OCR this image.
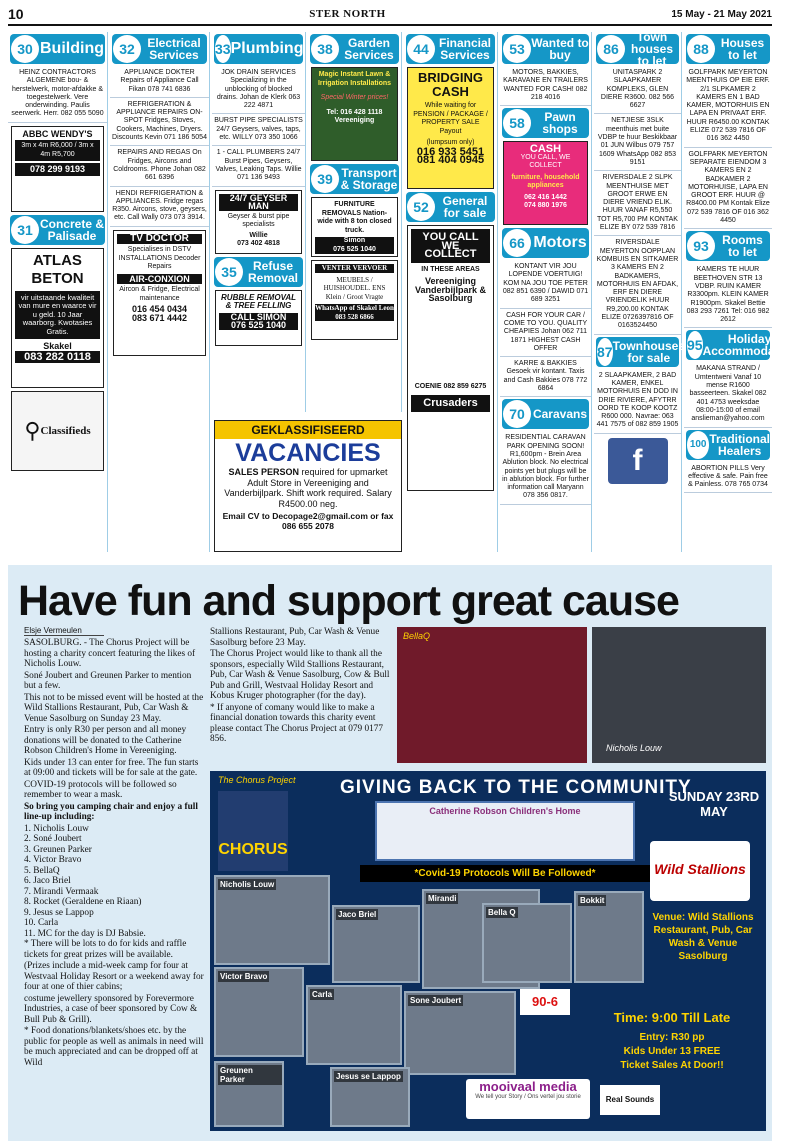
10	STER NORTH	15 May - 21 May 2021
30 Building
HEINZ CONTRACTORS ALGEMENE bou- & herstelwerk, motor-afdakke & toegestelwerk. Vere onderwinding. Paulis seerwerk. Herr. 082 055 5090
ABBC WENDY'S
3m x 4m R6,000 / 3m x 4m R5,700
078 299 9193
31 Concrete & Palisade
ATLAS BETON
vir uitstaande kwaliteit van mure en waarce vir u geld. 10 Jaar waarborg. Kwotasies Gratis.
Skakel
083 282 0118
⚲ Classifieds
32	Electrical Services
APPLIANCE DOKTER Repairs of Appliance Call Fikan 078 741 6836
REFRIGERATION & APPLIANCE REPAIRS ON-SPOT Fridges, Stoves, Cookers, Machines, Dryers. Discounts Kevin 071 186 5054
REPAIRS AND REGAS On Fridges, Aircons and Coldrooms. Phone Johan 082 661 6396
HENDI REFRIGERATION & APPLIANCES. Fridge regas R350. Aircons, stove, geysers, etc. Call Wally 073 073 3914.
TV DOCTOR
Specialises in DSTV INSTALLATIONS Decoder Repairs
AIR-CONXION
Aircon & Fridge, Electrical maintenance
016 454 0434
083 671 4442
33 Plumbing
JOK DRAIN SERVICES Specializing in the unblocking of blocked drains. Johan de Klerk 063 222 4871
BURST PIPE SPECIALISTS 24/7 Geysers, valves, taps, etc. WILLY 073 350 1066
1 - CALL PLUMBERS 24/7 Burst Pipes, Geysers, Valves, Leaking Taps. Willie 071 136 9493
24/7 GEYSER MAN
Geyser & burst pipe specialists
Willie
073 402 4818
35	Refuse Removal
RUBBLE REMOVAL & TREE FELLING
CALL SIMON
076 525 1040
38	Garden Services
Magic Instant Lawn & Irrigation Installations
Special Winter prices!
Tel: 016 428 1118 Vereeniging
39 Transport & Storage
FURNITURE REMOVALS Nation-wide with 8 ton closed truck.
Simon
076 525 1040
VENTER VERVOER
MEUBELS / HUISHOUDEL. ENS Klein / Groot Vragte
WhatsApp of Skakel Leon 083 528 6866
GEKLASSIFISEERD
VACANCIES
SALES PERSON required for upmarket Adult Store in Vereeniging and Vanderbijlpark. Shift work required. Salary R4500.00 neg.
Email CV to Decopage2@gmail.com or fax 086 655 2078
44 Financial Services
BRIDGING CASH
While waiting for PENSION / PACKAGE / PROPERTY SALE Payout
(lumpsum only)
016 933 5451
081 404 0945
52	General for sale
YOU CALL WE COLLECT
IN THESE AREAS
Vereeniging Vanderbijlpark & Sasolburg
COENIE 082 859 6275
Crusaders
53 Wanted to buy
MOTORS, BAKKIES, KARAVANE EN TRAILERS WANTED FOR CASH! 082 218 4016
58	Pawn shops
CASH
YOU CALL, WE COLLECT
furniture, household appliances
062 416 1442
074 880 1976
66 Motors
KONTANT VIR JOU LOPENDE VOERTUIG! KOM NA JOU TOE PETER 082 851 6390 / DAWID 071 689 3251
CASH FOR YOUR CAR / COME TO YOU. QUALITY CHEAPIES Johan 062 711 1871 HIGHEST CASH OFFER
KARRE & BAKKIES Gesoek vir kontant. Taxis and Cash Bakkies 078 772 6864
70 Caravans
RESIDENTIAL CARAVAN PARK OPENING SOON! R1,600pm - Brein Area Ablution block. No electrical points yet but plugs will be in ablution block. For further information call Maryann 078 356 0817.
86
Town houses to let
UNITASPARK 2 SLAAPKAMER KOMPLEKS, GLEN DIERE R3600. 082 566 6627
NETJIESE 3SLK meenthuis met buite VDBP te huur Beskikbaar 01 JUN Wilbus 079 757 1609 WhatsApp 082 853 9151
RIVERSDALE 2 SLPK MEENTHUISE MET GROOT ERWE EN DIERE VRIEND ELIK. HUUR VANAF R5,550 TOT R5,700 PM KONTAK ELIZE BY 072 539 7816
RIVERSDALE MEYERTON OOPPLAN KOMBUIS EN SITKAMER 3 KAMERS EN 2 BADKAMERS, MOTORHUIS EN AFDAK, ERF EN DIERE VRIENDELIK HUUR R9,200.00 KONTAK ELIZE 0726397816 OF 0163524450
87 Townhouses for sale
2 SLAAPKAMER, 2 BAD KAMER, ENKEL MOTORHUIS EN DOD IN DRIE RIVIERE, AFYTRR OORD TE KOOP KOOTZ R600 000. Navrae: 063 441 7575 of 082 859 1905
f
88	Houses to let
GOLFPARK MEYERTON MEENTHUIS OP EIE ERF. 2/1 SLPKAMER 2 KAMERS EN 1 BAD KAMER, MOTORHUIS EN LAPA EN PRIVAAT ERF. HUUR R6450.00 KONTAK ELIZE 072 539 7816 OF 016 362 4450
GOLFPARK MEYERTON SEPARATE EIENDOM 3 KAMERS EN 2 BADKAMER 2 MOTORHUISE, LAPA EN GROOT ERF. HUUR @ R8400.00 PM Kontak Elize 072 539 7816 OF 016 362 4450
93	Rooms to let
KAMERS TE HUUR BEETHOVEN STR 13 VDBP. RUIN KAMER R3300pm. KLEIN KAMER R1900pm. Skakel Bettie 083 293 7261 Tel: 016 982 2612
95	Holiday Accommodation
MAKANA STRAND / Umtentweni Vanaf 10 mense R1600 basseerteen. Skakel 082 401 4753 weeksdae 08:00-15:00 of email anslieman@yahoo.com
100 Traditional Healers
ABORTION PILLS Very effective & safe. Pain free & Painless. 078 765 0734
Have fun and support great cause
Elsje Vermeulen

SASOLBURG. - The Chorus Project will be hosting a charity concert featuring the likes of Nicholis Louw.

Soné Joubert and Greunen Parker to mention but a few.

This not to be missed event will be hosted at the Wild Stallions Restaurant, Pub, Car Wash & Venue Sasolburg on Sunday 23 May.

Entry is only R30 per person and all money donations will be donated to the Catherine Robson Children's Home in Vereeniging.

Kids under 13 can enter for free. The fun starts at 09:00 and tickets will be for sale at the gate.

COVID-19 protocols will be followed so remember to wear a mask.

So bring you camping chair and enjoy a full line-up including:

1. Nicholis Louw
2. Soné Joubert
3. Greunen Parker
4. Victor Bravo
5. BellaQ
6. Jaco Briel
7. Mirandi Vermaak
8. Rocket (Geraldene en Riaan)
9. Jesus se Lappop
10. Carla
11. MC for the day is DJ Babsie.

* There will be lots to do for kids and raffle tickets for great prizes will be available.

(Prizes include a mid-week camp for four at Westvaal Holiday Resort or a weekend away for four at one of thier cabins;

costume jewellery sponsored by Forevermore Industries, a case of beer sponsored by Cow & Bull Pub & Grill).

* Food donations/blankets/shoes etc. by the public for people as well as animals in need will be much appreciated and can be dropped off at Wild

Stallions Restaurant, Pub, Car Wash & Venue Sasolburg before 23 May.

The Chorus Project would like to thank all the sponsors, especially Wild Stallions Restaurant, Pub, Car Wash & Venue Sasolburg, Cow & Bull Pub and Grill, Westvaal Holiday Resort and Kobus Kruger photographer (for the day).

* If anyone of comany would like to make a financial donation towards this charity event please contact The Chorus Project at 079 0177 856.

BellaQ
Nicholis Louw
The Chorus Project
CHORUS
GIVING BACK TO THE COMMUNITY
Catherine Robson Children's Home
SUNDAY 23RD MAY
*Covid-19 Protocols Will Be Followed*	Wild Stallions
Nicholis Louw
Jaco Briel
Mirandi
Bella Q
Bokkit
Victor Bravo
Carla
Sone Joubert
Greunen Parker	Jesus se Lappop
Venue: Wild Stallions Restaurant, Pub, Car Wash & Venue Sasolburg
90-6
Time: 9:00 Till Late
Entry: R30 pp
Kids Under 13 FREE
Ticket Sales At Door!!
mooivaal media
We tell your Story / Ons vertel jou storie	Real Sounds
